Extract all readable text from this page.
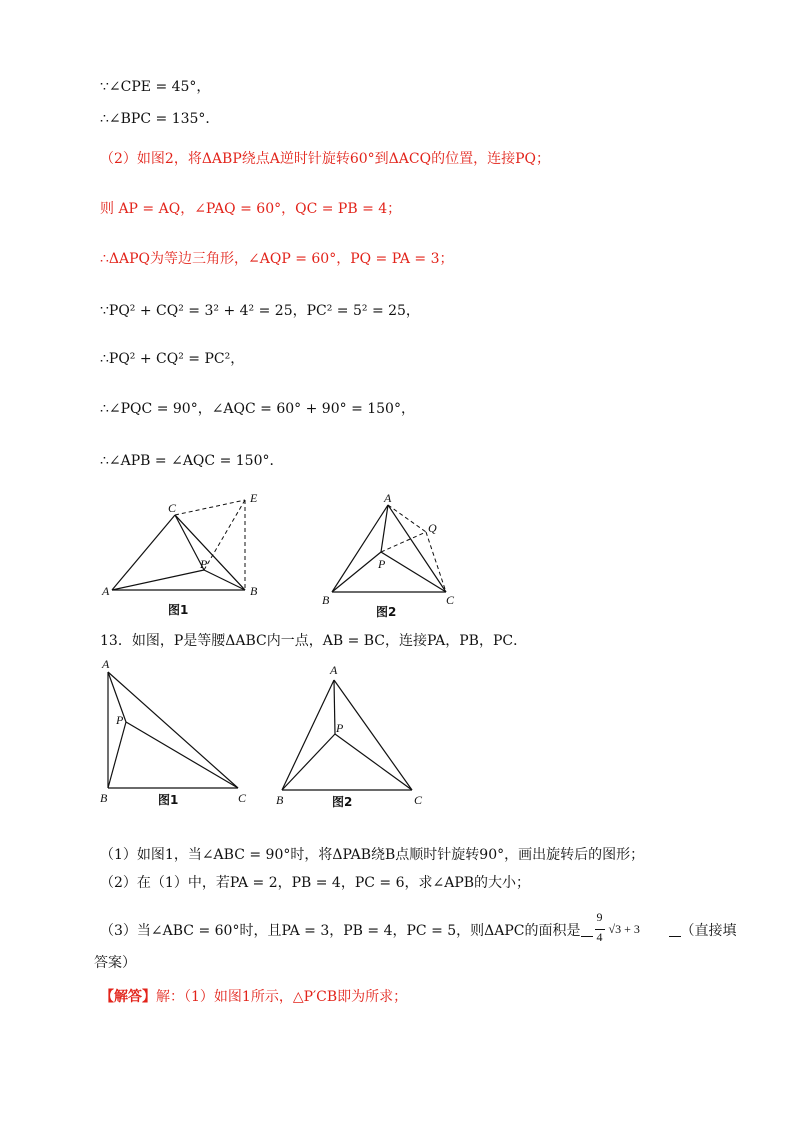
∵∠CPE = 45°，
∴∠BPC = 135°．
（2）如图2，将ΔABP绕点A逆时针旋转60°到ΔACQ的位置，连接PQ；
则 AP = AQ，∠PAQ = 60°，QC = PB = 4；
∴ΔAPQ为等边三角形，∠AQP = 60°，PQ = PA = 3；
∵PQ² + CQ² = 3² + 4² = 25，PC² = 5² = 25，
∴PQ² + CQ² = PC²，
∴∠PQC = 90°，∠AQC = 60° + 90° = 150°，
∴∠APB = ∠AQC = 150°．
A	B
C
E
P
图1
A
B	C
Q
P
图2
13．如图，P是等腰ΔABC内一点，AB = BC，连接PA，PB，PC．
A
B	C
P
图1
A
B	C
P
图2
（1）如图1，当∠ABC = 90°时，将ΔPAB绕B点顺时针旋转90°，画出旋转后的图形；
（2）在（1）中，若PA = 2，PB = 4，PC = 6，求∠APB的大小；
（3）当∠ABC = 60°时，且PA = 3，PB = 4，PC = 5，则ΔAPC的面积是
9
4
√3 + 3	（直接填
答案）
【解答】解：（1）如图1所示，△P′CB即为所求；
